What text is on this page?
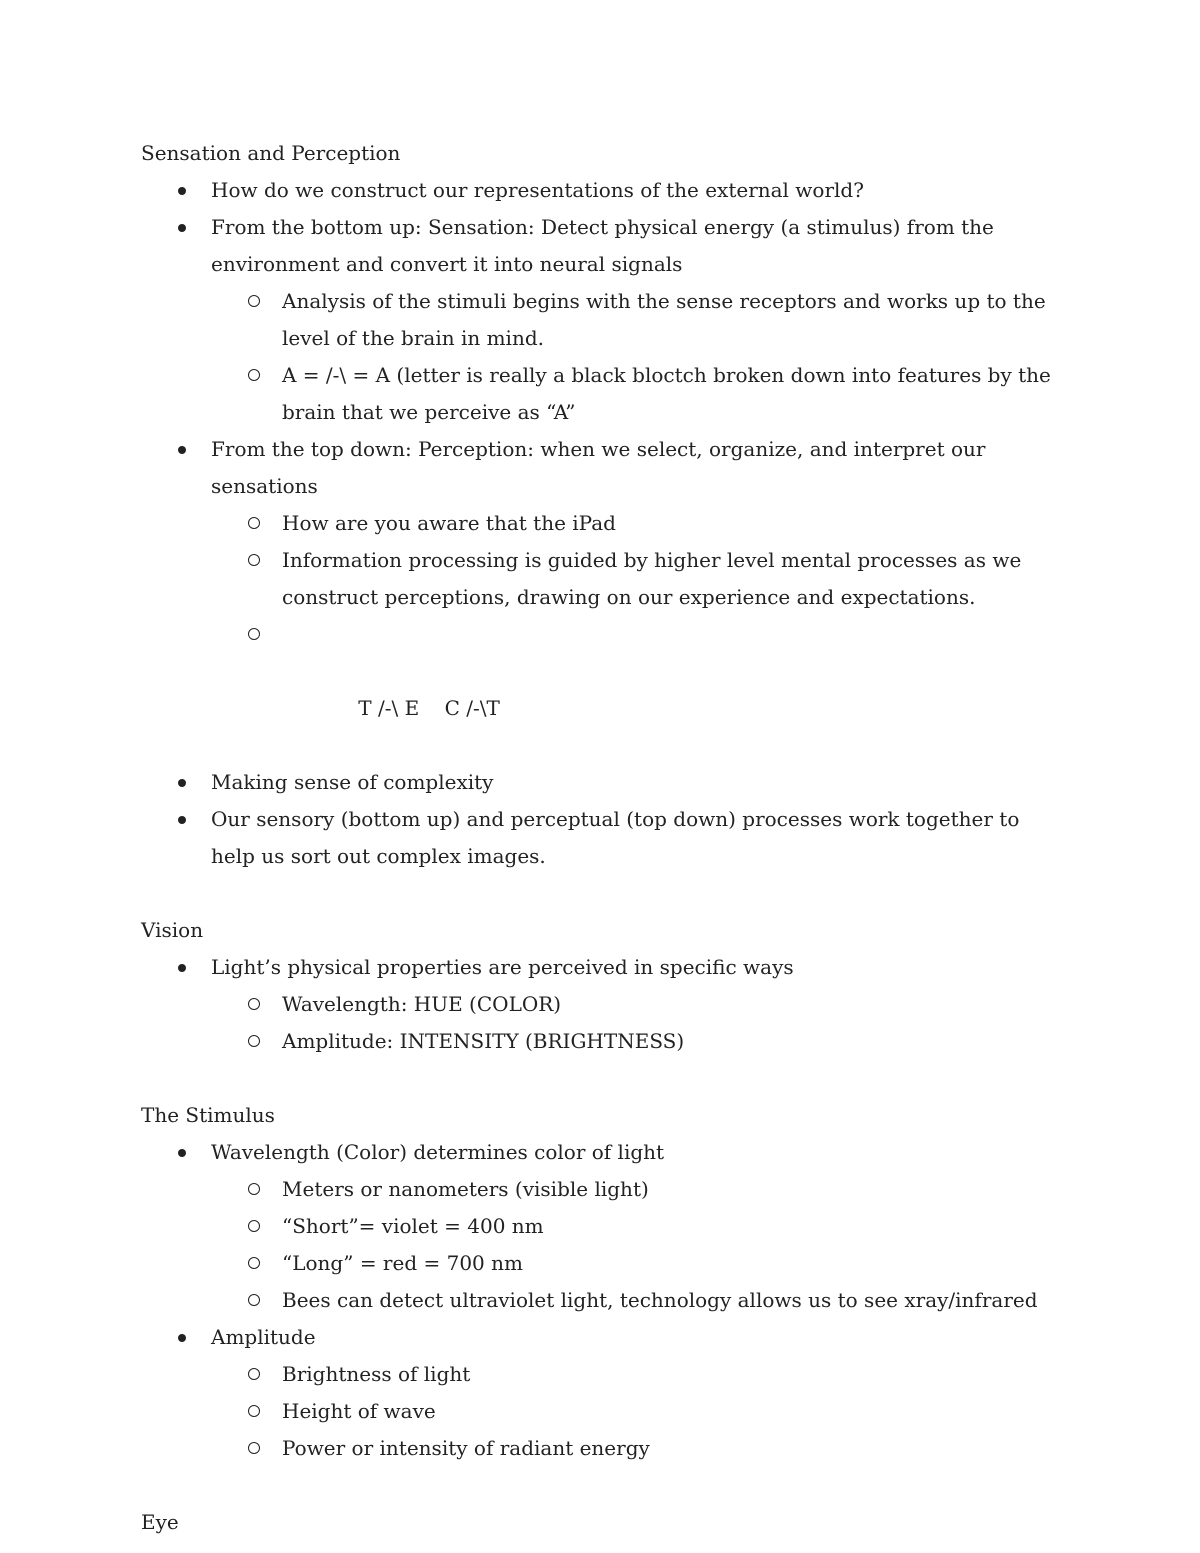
Sensation and Perception
How do we construct our representations of the external world?
From the bottom up: Sensation: Detect physical energy (a stimulus) from the environment and convert it into neural signals
Analysis of the stimuli begins with the sense receptors and works up to the level of the brain in mind.
A = /-\ = A (letter is really a black bloctch broken down into features by the brain that we perceive as “A”
From the top down: Perception: when we select, organize, and interpret our sensations
How are you aware that the iPad
Information processing is guided by higher level mental processes as we construct perceptions, drawing on our experience and expectations.

T /-\ E    C /-\T

Making sense of complexity
Our sensory (bottom up) and perceptual (top down) processes work together to help us sort out complex images.
Vision
Light’s physical properties are perceived in specific ways
Wavelength: HUE (COLOR)
Amplitude: INTENSITY (BRIGHTNESS)
The Stimulus
Wavelength (Color) determines color of light
Meters or nanometers (visible light)
“Short”= violet = 400 nm
“Long” = red = 700 nm
Bees can detect ultraviolet light, technology allows us to see xray/infrared
Amplitude
Brightness of light
Height of wave
Power or intensity of radiant energy
Eye
